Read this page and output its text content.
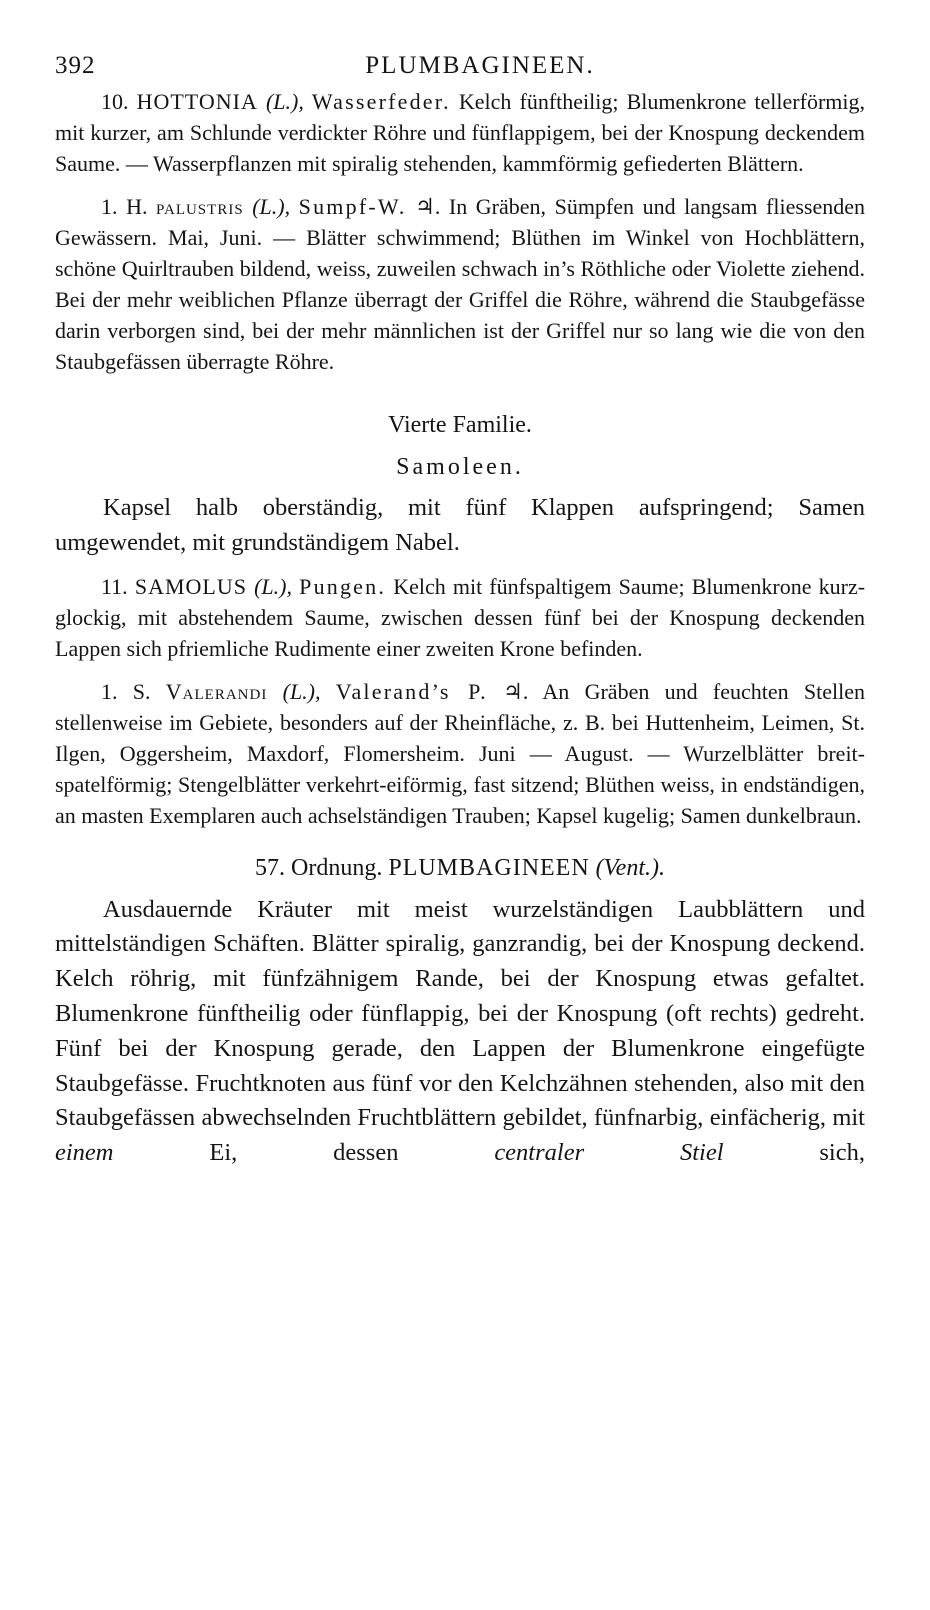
392	PLUMBAGINEEN.

10. HOTTONIA (L.), Wasserfeder. Kelch fünftheilig; Blumenkrone tellerförmig, mit kurzer, am Schlunde verdickter Röhre und fünflappigem, bei der Knospung deckendem Saume. — Wasserpflanzen mit spiralig stehenden, kammförmig gefiederten Blättern.

1. H. palustris (L.), Sumpf-W. ♃. In Gräben, Sümpfen und langsam fliessenden Gewässern. Mai, Juni. — Blätter schwimmend; Blüthen im Winkel von Hochblättern, schöne Quirltrauben bildend, weiss, zuweilen schwach in’s Röthliche oder Violette ziehend. Bei der mehr weiblichen Pflanze überragt der Griffel die Röhre, während die Staubgefässe darin verborgen sind, bei der mehr männlichen ist der Griffel nur so lang wie die von den Staubgefässen überragte Röhre.

Vierte Familie.

Samoleen.

Kapsel halb oberständig, mit fünf Klappen aufspringend; Samen umgewendet, mit grundständigem Nabel.

11. SAMOLUS (L.), Pungen. Kelch mit fünfspaltigem Saume; Blumenkrone kurz-glockig, mit abstehendem Saume, zwischen dessen fünf bei der Knospung deckenden Lappen sich pfriemliche Rudimente einer zweiten Krone befinden.

1. S. Valerandi (L.), Valerand’s P. ♃. An Gräben und feuchten Stellen stellenweise im Gebiete, besonders auf der Rheinfläche, z. B. bei Huttenheim, Leimen, St. Ilgen, Oggersheim, Maxdorf, Flomersheim. Juni — August. — Wurzelblätter breit-spatelförmig; Stengelblätter verkehrt-eiförmig, fast sitzend; Blüthen weiss, in endständigen, an masten Exemplaren auch achselständigen Trauben; Kapsel kugelig; Samen dunkelbraun.

57. Ordnung. PLUMBAGINEEN (Vent.).

Ausdauernde Kräuter mit meist wurzelständigen Laubblättern und mittelständigen Schäften. Blätter spiralig, ganzrandig, bei der Knospung deckend. Kelch röhrig, mit fünfzähnigem Rande, bei der Knospung etwas gefaltet. Blumenkrone fünftheilig oder fünflappig, bei der Knospung (oft rechts) gedreht. Fünf bei der Knospung gerade, den Lappen der Blumenkrone eingefügte Staubgefässe. Fruchtknoten aus fünf vor den Kelchzähnen stehenden, also mit den Staubgefässen abwechselnden Fruchtblättern gebildet, fünfnarbig, einfächerig, mit einem Ei, dessen centraler Stiel sich,
